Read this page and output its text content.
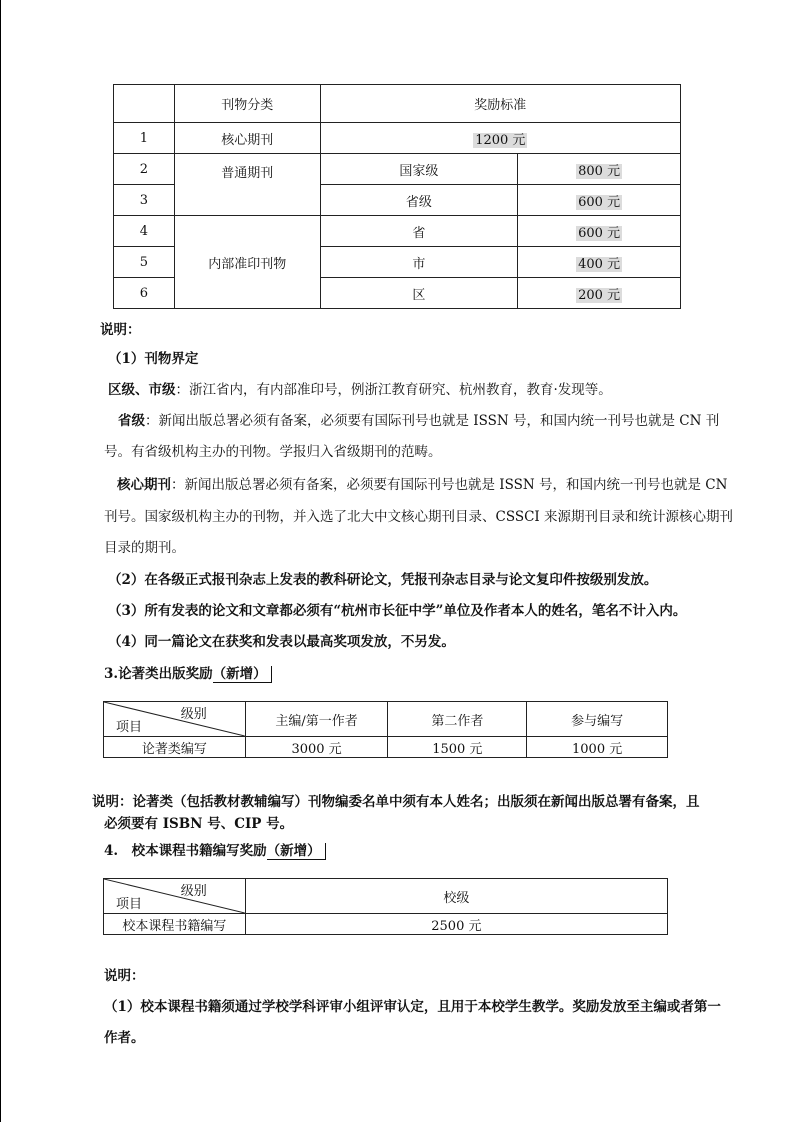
	刊物分类	奖励标准	
1	核心期刊	1200 元	
2	普通期刊	国家级	800 元
3		省级	600 元
4	内部准印刊物	省	600 元
5		市	400 元
6		区	200 元
说明：
（1）刊物界定
区级、市级：浙江省内，有内部准印号，例浙江教育研究、杭州教育，教育·发现等。
省级：新闻出版总署必须有备案，必须要有国际刊号也就是 ISSN 号，和国内统一刊号也就是 CN 刊
号。有省级机构主办的刊物。学报归入省级期刊的范畴。
核心期刊：新闻出版总署必须有备案，必须要有国际刊号也就是 ISSN 号，和国内统一刊号也就是 CN
刊号。国家级机构主办的刊物，并入选了北大中文核心期刊目录、CSSCI 来源期刊目录和统计源核心期刊
目录的期刊。
（2）在各级正式报刊杂志上发表的教科研论文，凭报刊杂志目录与论文复印件按级别发放。
（3）所有发表的论文和文章都必须有“杭州市长征中学”单位及作者本人的姓名，笔名不计入内。
（4）同一篇论文在获奖和发表以最高奖项发放，不另发。
3.论著类出版奖励（新增）
级别
项目	主编/第一作者	第二作者	参与编写
论著类编写	3000 元	1500 元	1000 元
说明：论著类（包括教材教辅编写）刊物编委名单中须有本人姓名；出版须在新闻出版总署有备案，且
必须要有 ISBN 号、CIP 号。
4.　校本课程书籍编写奖励（新增）
级别
项目	校级
校本课程书籍编写	2500 元
说明：
（1）校本课程书籍须通过学校学科评审小组评审认定，且用于本校学生教学。奖励发放至主编或者第一
作者。
